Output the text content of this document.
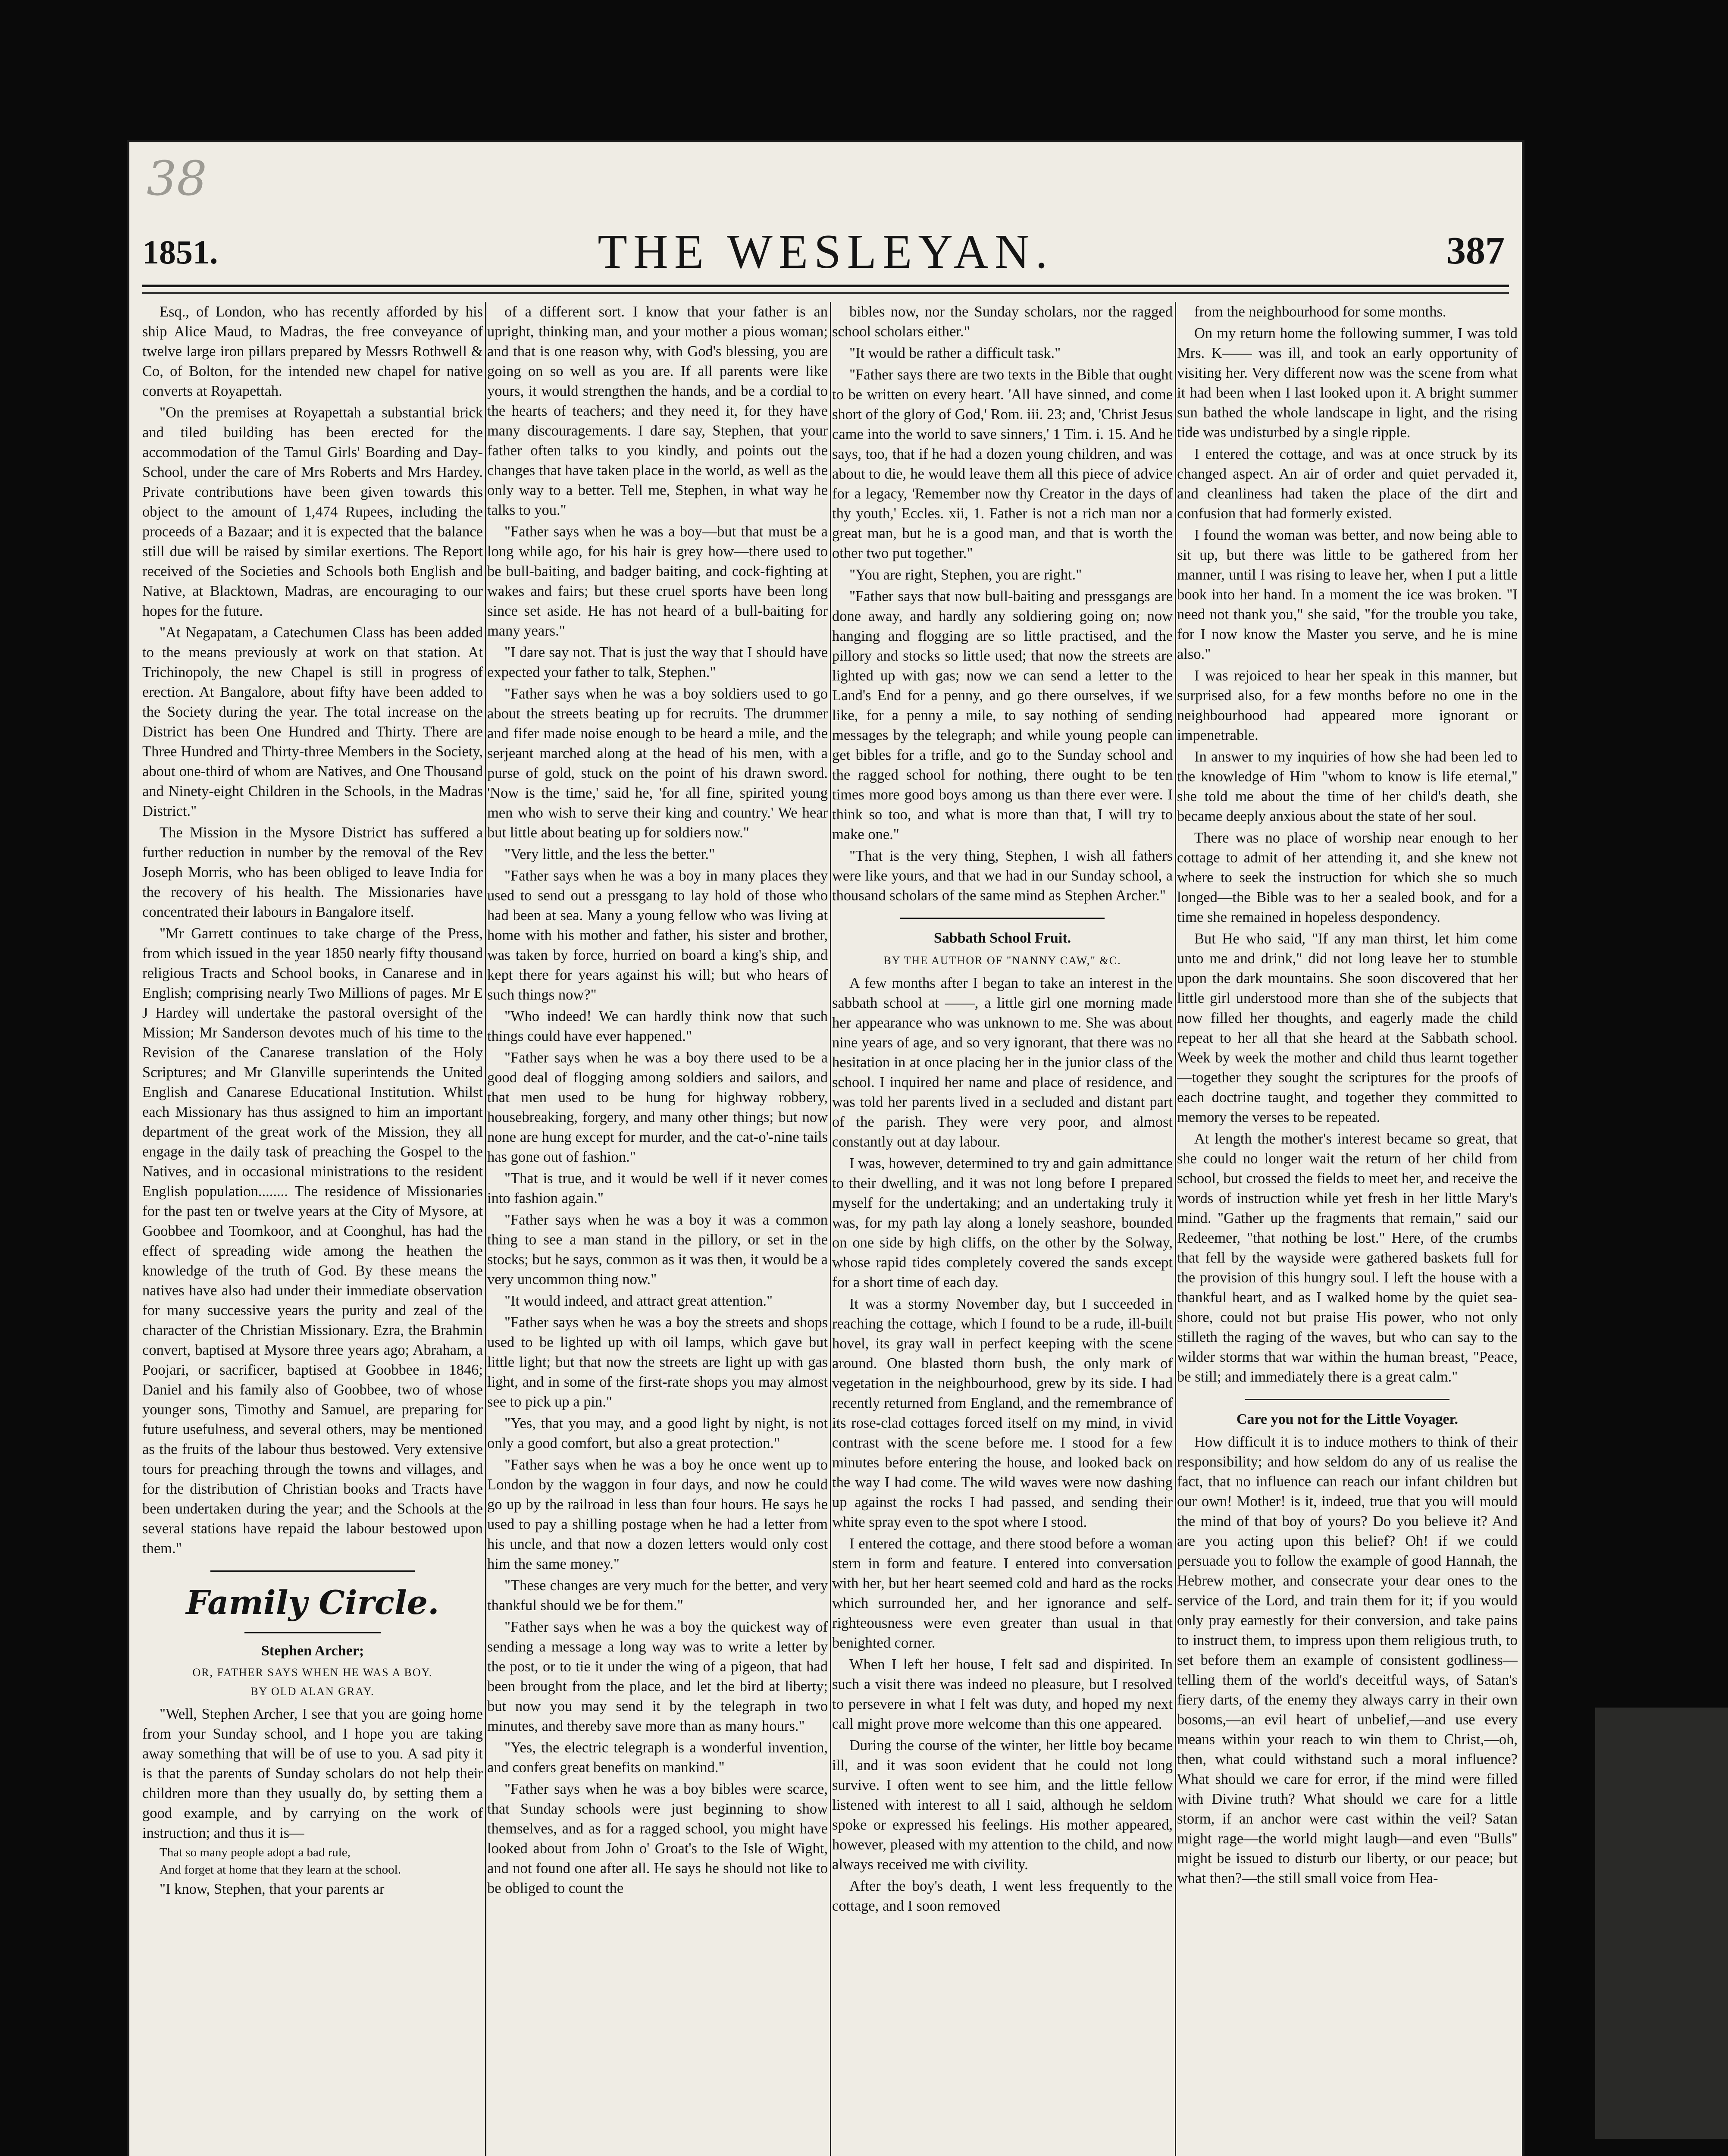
38
1851.	THE WESLEYAN.	387

Esq., of London, who has recently afforded by his ship Alice Maud, to Madras, the free conveyance of twelve large iron pillars prepared by Messrs Rothwell & Co, of Bolton, for the intended new chapel for native converts at Royapettah.

"On the premises at Royapettah a substantial brick and tiled building has been erected for the accommodation of the Tamul Girls' Boarding and Day-School, under the care of Mrs Roberts and Mrs Hardey. Private contributions have been given towards this object to the amount of 1,474 Rupees, including the proceeds of a Bazaar; and it is expected that the balance still due will be raised by similar exertions. The Report received of the Societies and Schools both English and Native, at Blacktown, Madras, are encouraging to our hopes for the future.

"At Negapatam, a Catechumen Class has been added to the means previously at work on that station. At Trichinopoly, the new Chapel is still in progress of erection. At Bangalore, about fifty have been added to the Society during the year. The total increase on the District has been One Hundred and Thirty. There are Three Hundred and Thirty-three Members in the Society, about one-third of whom are Natives, and One Thousand and Ninety-eight Children in the Schools, in the Madras District."

The Mission in the Mysore District has suffered a further reduction in number by the removal of the Rev Joseph Morris, who has been obliged to leave India for the recovery of his health. The Missionaries have concentrated their labours in Bangalore itself.

"Mr Garrett continues to take charge of the Press, from which issued in the year 1850 nearly fifty thousand religious Tracts and School books, in Canarese and in English; comprising nearly Two Millions of pages. Mr E J Hardey will undertake the pastoral oversight of the Mission; Mr Sanderson devotes much of his time to the Revision of the Canarese translation of the Holy Scriptures; and Mr Glanville superintends the United English and Canarese Educational Institution. Whilst each Missionary has thus assigned to him an important department of the great work of the Mission, they all engage in the daily task of preaching the Gospel to the Natives, and in occasional ministrations to the resident English population........ The residence of Missionaries for the past ten or twelve years at the City of Mysore, at Goobbee and Toomkoor, and at Coonghul, has had the effect of spreading wide among the heathen the knowledge of the truth of God. By these means the natives have also had under their immediate observation for many successive years the purity and zeal of the character of the Christian Missionary. Ezra, the Brahmin convert, baptised at Mysore three years ago; Abraham, a Poojari, or sacrificer, baptised at Goobbee in 1846; Daniel and his family also of Goobbee, two of whose younger sons, Timothy and Samuel, are preparing for future usefulness, and several others, may be mentioned as the fruits of the labour thus bestowed. Very extensive tours for preaching through the towns and villages, and for the distribution of Christian books and Tracts have been undertaken during the year; and the Schools at the several stations have repaid the labour bestowed upon them."

Family Circle.
Stephen Archer;
OR, FATHER SAYS WHEN HE WAS A BOY.
BY OLD ALAN GRAY.

"Well, Stephen Archer, I see that you are going home from your Sunday school, and I hope you are taking away something that will be of use to you. A sad pity it is that the parents of Sunday scholars do not help their children more than they usually do, by setting them a good example, and by carrying on the work of instruction; and thus it is—

That so many people adopt a bad rule,

And forget at home that they learn at the school.

"I know, Stephen, that your parents ar

of a different sort. I know that your father is an upright, thinking man, and your mother a pious woman; and that is one reason why, with God's blessing, you are going on so well as you are. If all parents were like yours, it would strengthen the hands, and be a cordial to the hearts of teachers; and they need it, for they have many discouragements. I dare say, Stephen, that your father often talks to you kindly, and points out the changes that have taken place in the world, as well as the only way to a better. Tell me, Stephen, in what way he talks to you."

"Father says when he was a boy—but that must be a long while ago, for his hair is grey how—there used to be bull-baiting, and badger baiting, and cock-fighting at wakes and fairs; but these cruel sports have been long since set aside. He has not heard of a bull-baiting for many years."

"I dare say not. That is just the way that I should have expected your father to talk, Stephen."

"Father says when he was a boy soldiers used to go about the streets beating up for recruits. The drummer and fifer made noise enough to be heard a mile, and the serjeant marched along at the head of his men, with a purse of gold, stuck on the point of his drawn sword. 'Now is the time,' said he, 'for all fine, spirited young men who wish to serve their king and country.' We hear but little about beating up for soldiers now."

"Very little, and the less the better."

"Father says when he was a boy in many places they used to send out a pressgang to lay hold of those who had been at sea. Many a young fellow who was living at home with his mother and father, his sister and brother, was taken by force, hurried on board a king's ship, and kept there for years against his will; but who hears of such things now?"

"Who indeed! We can hardly think now that such things could have ever happened."

"Father says when he was a boy there used to be a good deal of flogging among soldiers and sailors, and that men used to be hung for highway robbery, housebreaking, forgery, and many other things; but now none are hung except for murder, and the cat-o'-nine tails has gone out of fashion."

"That is true, and it would be well if it never comes into fashion again."

"Father says when he was a boy it was a common thing to see a man stand in the pillory, or set in the stocks; but he says, common as it was then, it would be a very uncommon thing now."

"It would indeed, and attract great attention."

"Father says when he was a boy the streets and shops used to be lighted up with oil lamps, which gave but little light; but that now the streets are light up with gas light, and in some of the first-rate shops you may almost see to pick up a pin."

"Yes, that you may, and a good light by night, is not only a good comfort, but also a great protection."

"Father says when he was a boy he once went up to London by the waggon in four days, and now he could go up by the railroad in less than four hours. He says he used to pay a shilling postage when he had a letter from his uncle, and that now a dozen letters would only cost him the same money."

"These changes are very much for the better, and very thankful should we be for them."

"Father says when he was a boy the quickest way of sending a message a long way was to write a letter by the post, or to tie it under the wing of a pigeon, that had been brought from the place, and let the bird at liberty; but now you may send it by the telegraph in two minutes, and thereby save more than as many hours."

"Yes, the electric telegraph is a wonderful invention, and confers great benefits on mankind."

"Father says when he was a boy bibles were scarce, that Sunday schools were just beginning to show themselves, and as for a ragged school, you might have looked about from John o' Groat's to the Isle of Wight, and not found one after all. He says he should not like to be obliged to count the

bibles now, nor the Sunday scholars, nor the ragged school scholars either."

"It would be rather a difficult task."

"Father says there are two texts in the Bible that ought to be written on every heart. 'All have sinned, and come short of the glory of God,' Rom. iii. 23; and, 'Christ Jesus came into the world to save sinners,' 1 Tim. i. 15. And he says, too, that if he had a dozen young children, and was about to die, he would leave them all this piece of advice for a legacy, 'Remember now thy Creator in the days of thy youth,' Eccles. xii, 1. Father is not a rich man nor a great man, but he is a good man, and that is worth the other two put together."

"You are right, Stephen, you are right."

"Father says that now bull-baiting and pressgangs are done away, and hardly any soldiering going on; now hanging and flogging are so little practised, and the pillory and stocks so little used; that now the streets are lighted up with gas; now we can send a letter to the Land's End for a penny, and go there ourselves, if we like, for a penny a mile, to say nothing of sending messages by the telegraph; and while young people can get bibles for a trifle, and go to the Sunday school and the ragged school for nothing, there ought to be ten times more good boys among us than there ever were. I think so too, and what is more than that, I will try to make one."

"That is the very thing, Stephen, I wish all fathers were like yours, and that we had in our Sunday school, a thousand scholars of the same mind as Stephen Archer."

Sabbath School Fruit.
BY THE AUTHOR OF "NANNY CAW," &C.

A few months after I began to take an interest in the sabbath school at ——, a little girl one morning made her appearance who was unknown to me. She was about nine years of age, and so very ignorant, that there was no hesitation in at once placing her in the junior class of the school. I inquired her name and place of residence, and was told her parents lived in a secluded and distant part of the parish. They were very poor, and almost constantly out at day labour.

I was, however, determined to try and gain admittance to their dwelling, and it was not long before I prepared myself for the undertaking; and an undertaking truly it was, for my path lay along a lonely seashore, bounded on one side by high cliffs, on the other by the Solway, whose rapid tides completely covered the sands except for a short time of each day.

It was a stormy November day, but I succeeded in reaching the cottage, which I found to be a rude, ill-built hovel, its gray wall in perfect keeping with the scene around. One blasted thorn bush, the only mark of vegetation in the neighbourhood, grew by its side. I had recently returned from England, and the remembrance of its rose-clad cottages forced itself on my mind, in vivid contrast with the scene before me. I stood for a few minutes before entering the house, and looked back on the way I had come. The wild waves were now dashing up against the rocks I had passed, and sending their white spray even to the spot where I stood.

I entered the cottage, and there stood before a woman stern in form and feature. I entered into conversation with her, but her heart seemed cold and hard as the rocks which surrounded her, and her ignorance and self-righteousness were even greater than usual in that benighted corner.

When I left her house, I felt sad and dispirited. In such a visit there was indeed no pleasure, but I resolved to persevere in what I felt was duty, and hoped my next call might prove more welcome than this one appeared.

During the course of the winter, her little boy became ill, and it was soon evident that he could not long survive. I often went to see him, and the little fellow listened with interest to all I said, although he seldom spoke or expressed his feelings. His mother appeared, however, pleased with my attention to the child, and now always received me with civility.

After the boy's death, I went less frequently to the cottage, and I soon removed

from the neighbourhood for some months.

On my return home the following summer, I was told Mrs. K—— was ill, and took an early opportunity of visiting her. Very different now was the scene from what it had been when I last looked upon it. A bright summer sun bathed the whole landscape in light, and the rising tide was undisturbed by a single ripple.

I entered the cottage, and was at once struck by its changed aspect. An air of order and quiet pervaded it, and cleanliness had taken the place of the dirt and confusion that had formerly existed.

I found the woman was better, and now being able to sit up, but there was little to be gathered from her manner, until I was rising to leave her, when I put a little book into her hand. In a moment the ice was broken. "I need not thank you," she said, "for the trouble you take, for I now know the Master you serve, and he is mine also."

I was rejoiced to hear her speak in this manner, but surprised also, for a few months before no one in the neighbourhood had appeared more ignorant or impenetrable.

In answer to my inquiries of how she had been led to the knowledge of Him "whom to know is life eternal," she told me about the time of her child's death, she became deeply anxious about the state of her soul.

There was no place of worship near enough to her cottage to admit of her attending it, and she knew not where to seek the instruction for which she so much longed—the Bible was to her a sealed book, and for a time she remained in hopeless despondency.

But He who said, "If any man thirst, let him come unto me and drink," did not long leave her to stumble upon the dark mountains. She soon discovered that her little girl understood more than she of the subjects that now filled her thoughts, and eagerly made the child repeat to her all that she heard at the Sabbath school. Week by week the mother and child thus learnt together—together they sought the scriptures for the proofs of each doctrine taught, and together they committed to memory the verses to be repeated.

At length the mother's interest became so great, that she could no longer wait the return of her child from school, but crossed the fields to meet her, and receive the words of instruction while yet fresh in her little Mary's mind. "Gather up the fragments that remain," said our Redeemer, "that nothing be lost." Here, of the crumbs that fell by the wayside were gathered baskets full for the provision of this hungry soul. I left the house with a thankful heart, and as I walked home by the quiet sea-shore, could not but praise His power, who not only stilleth the raging of the waves, but who can say to the wilder storms that war within the human breast, "Peace, be still; and immediately there is a great calm."

Care you not for the Little Voyager.

How difficult it is to induce mothers to think of their responsibility; and how seldom do any of us realise the fact, that no influence can reach our infant children but our own! Mother! is it, indeed, true that you will mould the mind of that boy of yours? Do you believe it? And are you acting upon this belief? Oh! if we could persuade you to follow the example of good Hannah, the Hebrew mother, and consecrate your dear ones to the service of the Lord, and train them for it; if you would only pray earnestly for their conversion, and take pains to instruct them, to impress upon them religious truth, to set before them an example of consistent godliness—telling them of the world's deceitful ways, of Satan's fiery darts, of the enemy they always carry in their own bosoms,—an evil heart of unbelief,—and use every means within your reach to win them to Christ,—oh, then, what could withstand such a moral influence? What should we care for error, if the mind were filled with Divine truth? What should we care for a little storm, if an anchor were cast within the veil? Satan might rage—the world might laugh—and even "Bulls" might be issued to disturb our liberty, or our peace; but what then?—the still small voice from Hea-
